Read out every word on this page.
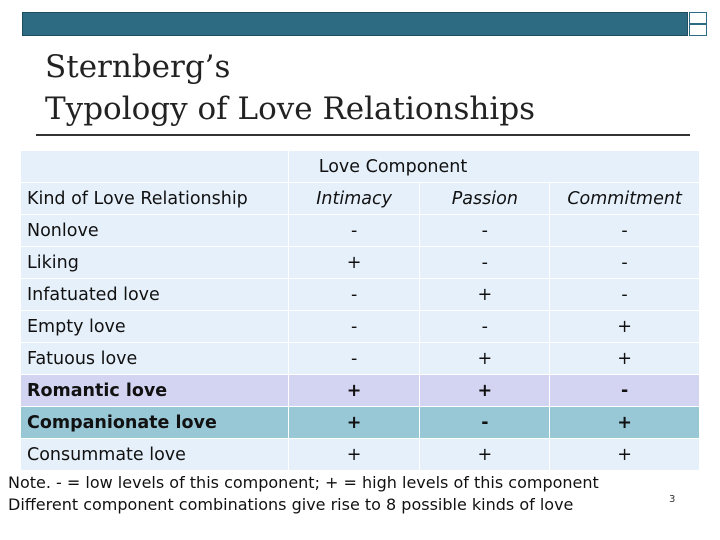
Sternberg’s
Typology of Love Relationships
	Love Component		
Kind of Love Relationship	Intimacy	Passion	Commitment
Nonlove	-	-	-
Liking	+	-	-
Infatuated love	-	+	-
Empty love	-	-	+
Fatuous love	-	+	+
Romantic love	+	+	-
Companionate love	+	-	+
Consummate love	+	+	+
Note. - = low levels of this component; + = high levels of this component
Different component combinations give rise to 8 possible kinds of love	3
